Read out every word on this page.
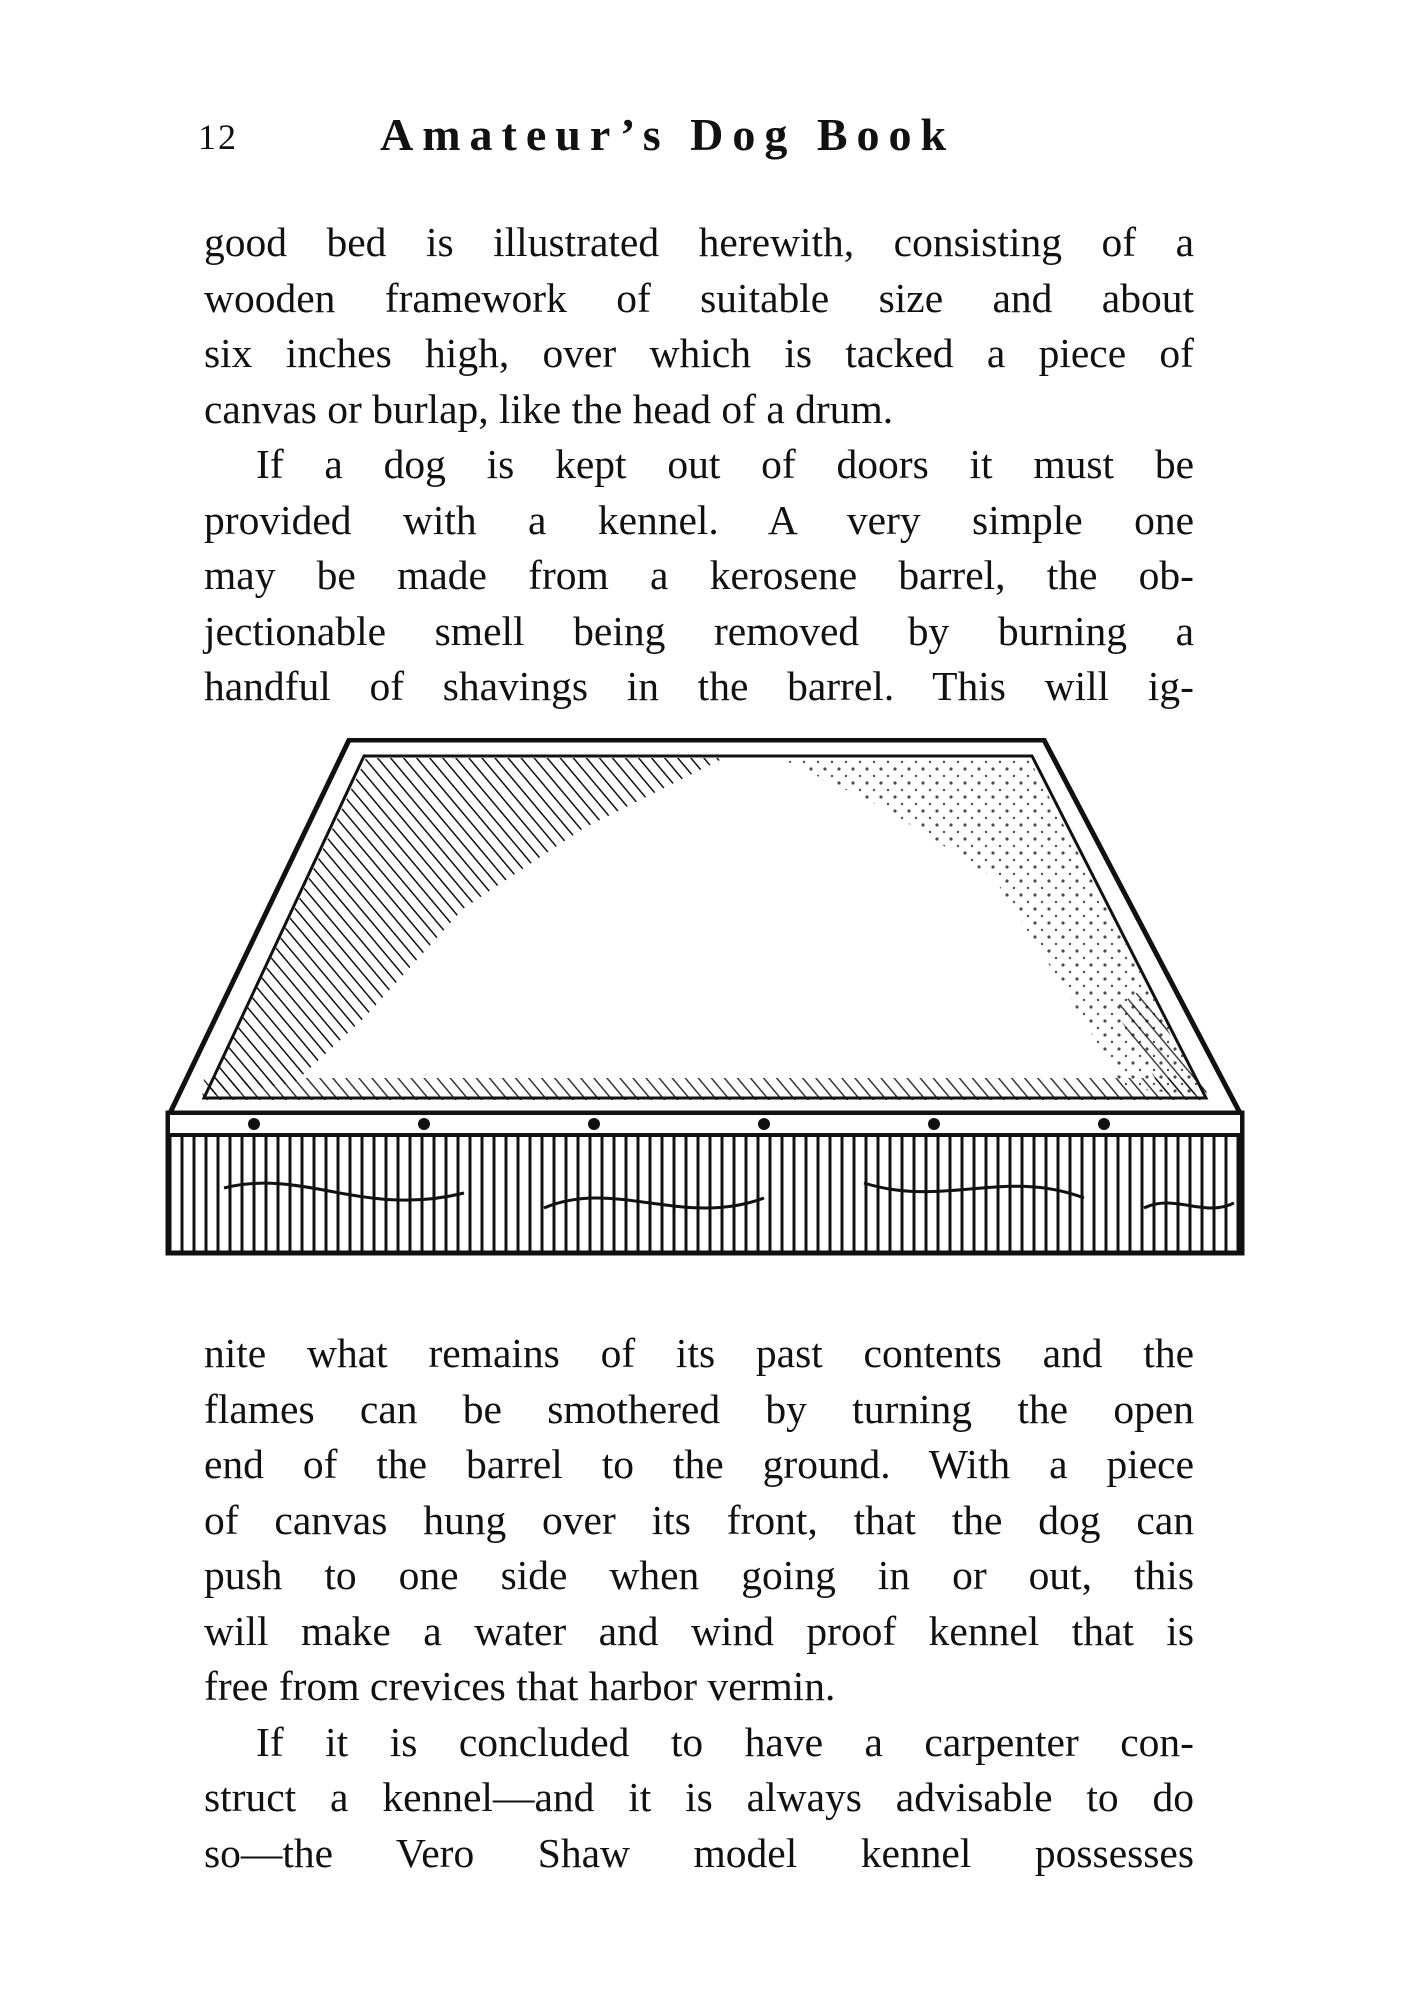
12	Amateur’s Dog Book
good bed is illustrated herewith, consisting of a
wooden framework of suitable size and about
six inches high, over which is tacked a piece of
canvas or burlap, like the head of a drum.
If a dog is kept out of doors it must be
provided with a kennel. A very simple one
may be made from a kerosene barrel, the ob-
jectionable smell being removed by burning a
handful of shavings in the barrel. This will ig-
nite what remains of its past contents and the
flames can be smothered by turning the open
end of the barrel to the ground. With a piece
of canvas hung over its front, that the dog can
push to one side when going in or out, this
will make a water and wind proof kennel that is
free from crevices that harbor vermin.
If it is concluded to have a carpenter con-
struct a kennel—and it is always advisable to do
so—the Vero Shaw model kennel possesses
